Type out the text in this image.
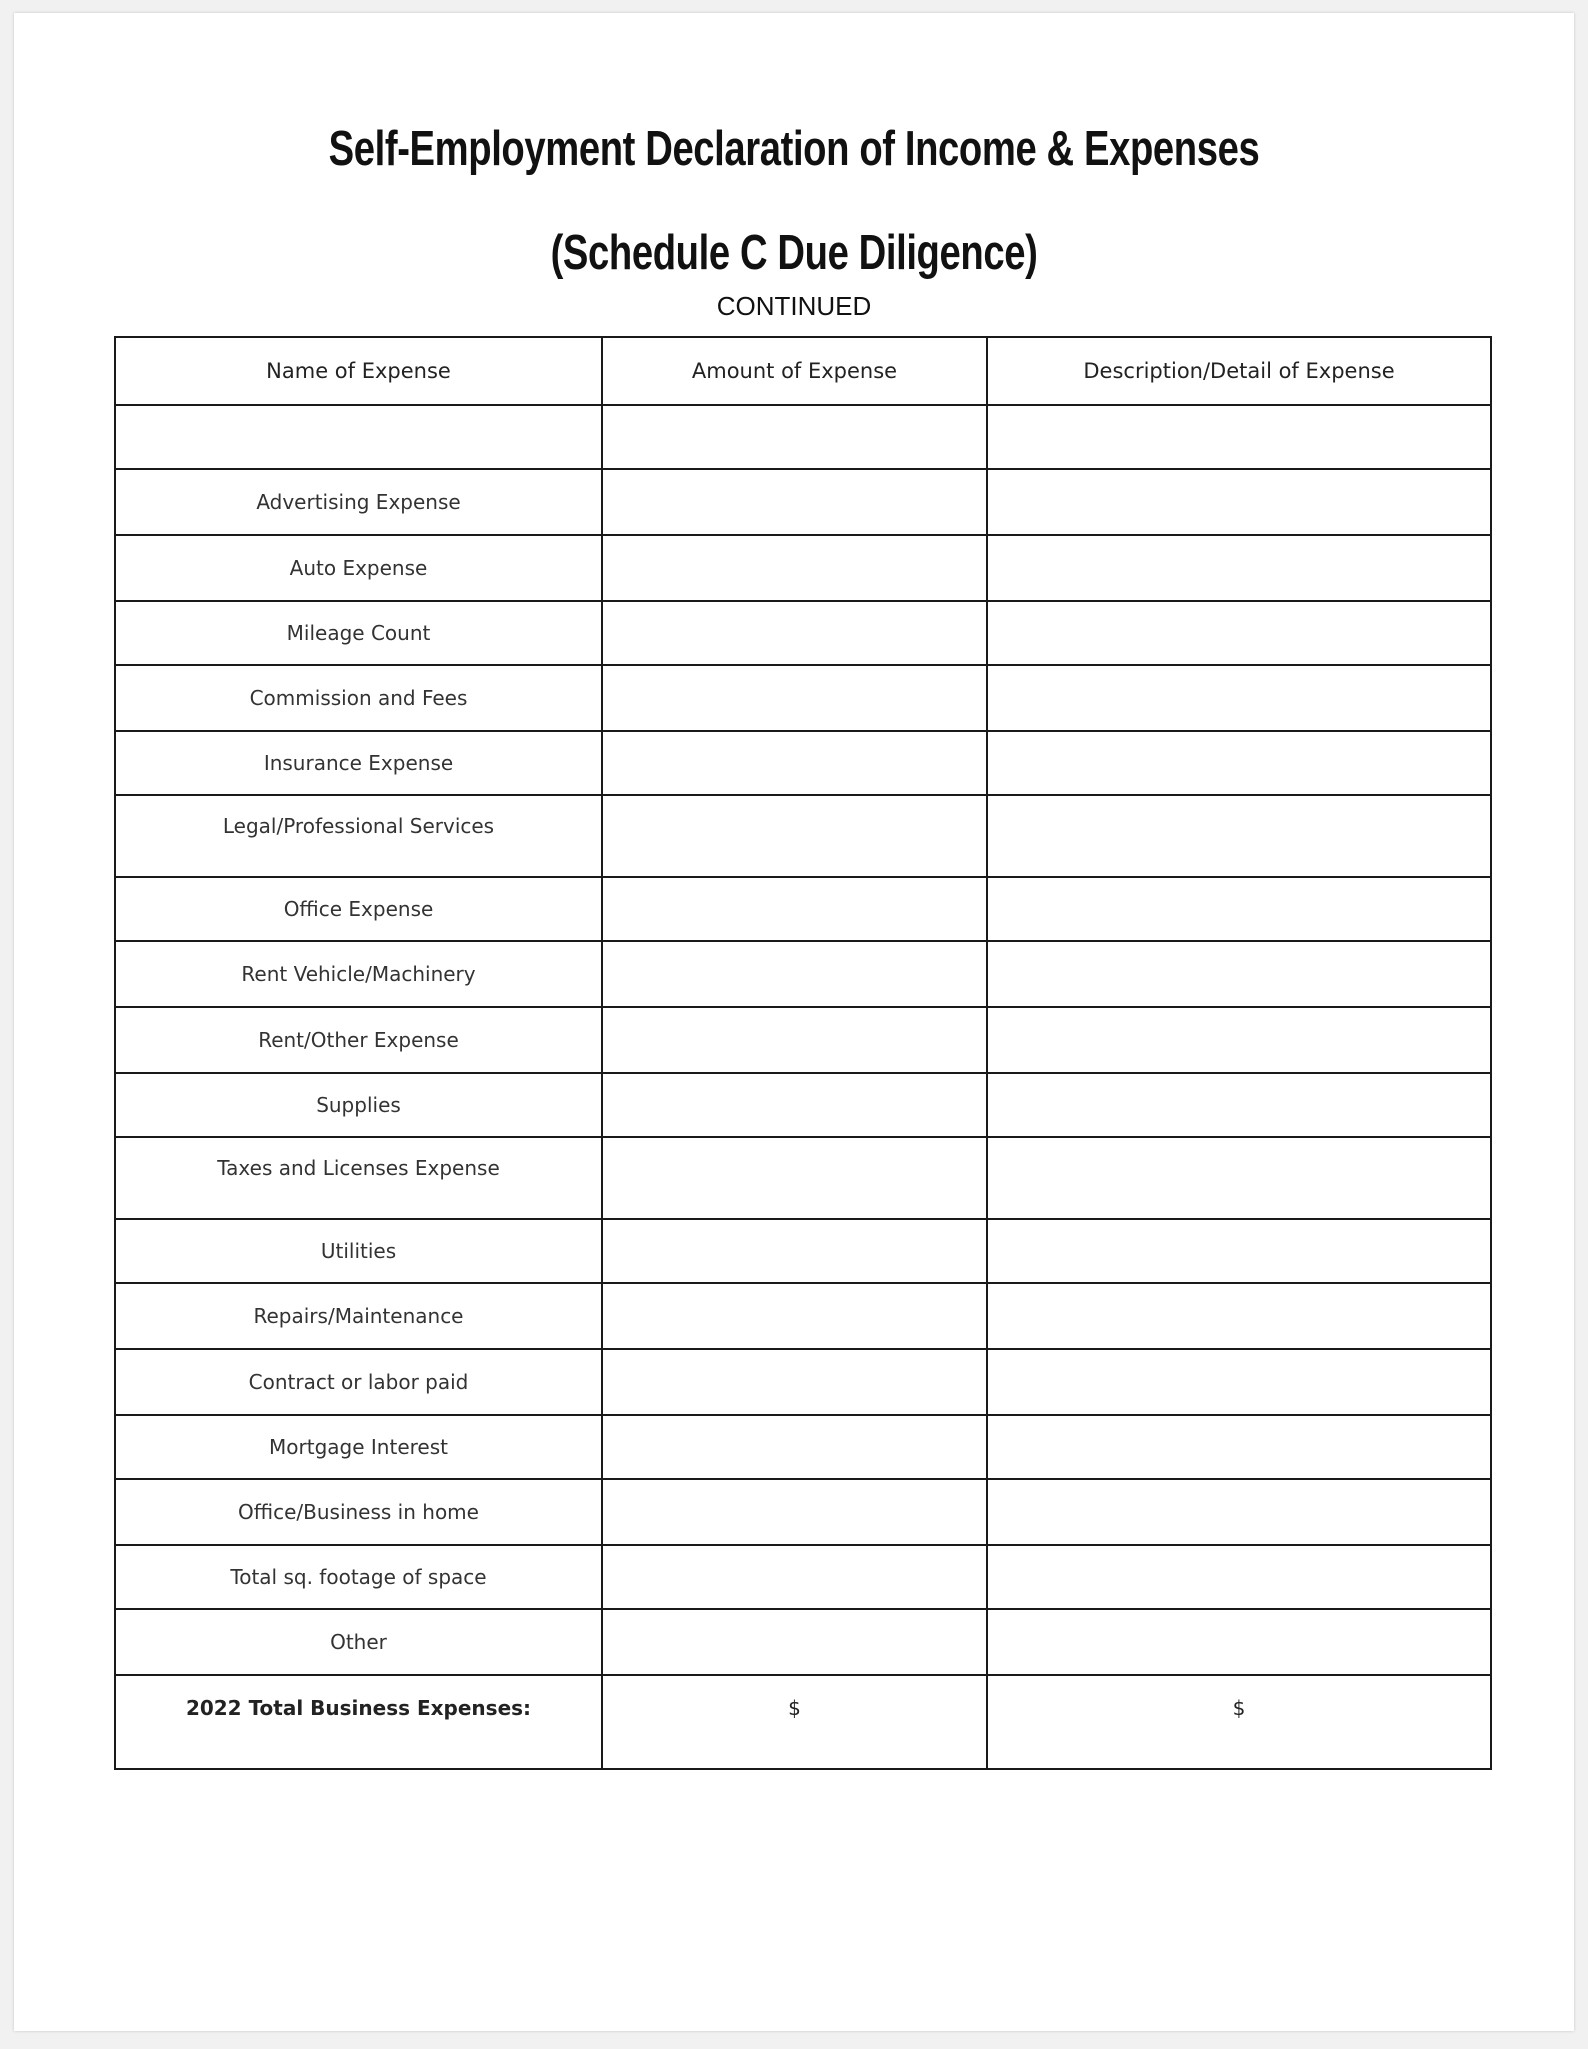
Self-Employment Declaration of Income & Expenses
(Schedule C Due Diligence)
CONTINUED
Name of Expense	Amount of Expense	Description/Detail of Expense

Advertising Expense		
Auto Expense		
Mileage Count		
Commission and Fees		
Insurance Expense		
Legal/Professional Services		
Office Expense		
Rent Vehicle/Machinery		
Rent/Other Expense		
Supplies		
Taxes and Licenses Expense		
Utilities		
Repairs/Maintenance		
Contract or labor paid		
Mortgage Interest		
Office/Business in home		
Total sq. footage of space		
Other		
2022 Total Business Expenses:	$	$
